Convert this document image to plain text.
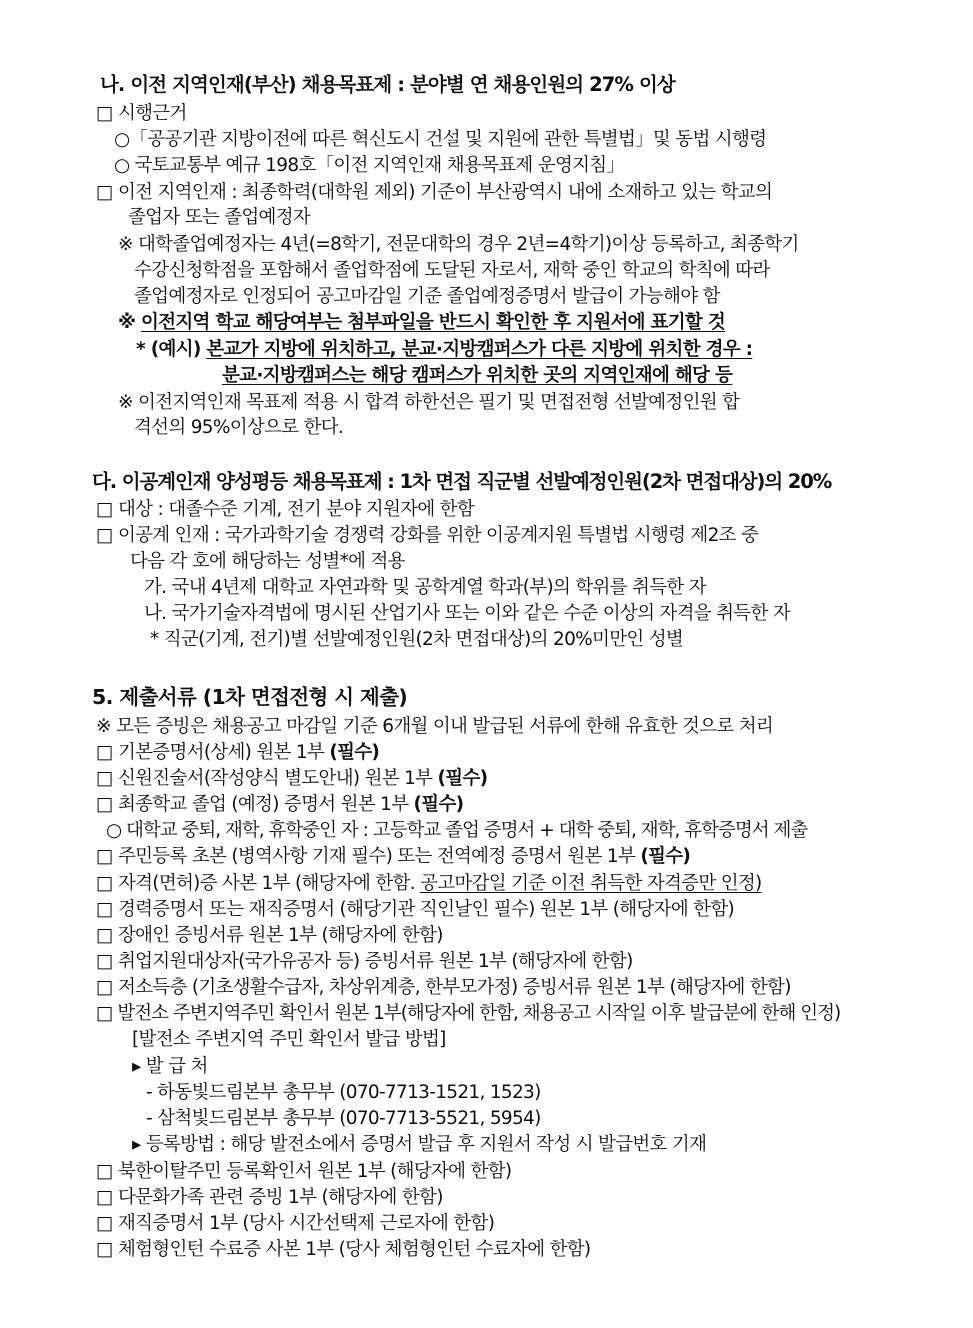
나. 이전 지역인재(부산) 채용목표제 : 분야별 연 채용인원의 27% 이상
□ 시행근거
○「공공기관 지방이전에 따른 혁신도시 건설 및 지원에 관한 특별법」및 동법 시행령
○ 국토교통부 예규 198호「이전 지역인재 채용목표제 운영지침」
□ 이전 지역인재 : 최종학력(대학원 제외) 기준이 부산광역시 내에 소재하고 있는 학교의
졸업자 또는 졸업예정자
※ 대학졸업예정자는 4년(=8학기, 전문대학의 경우 2년=4학기)이상 등록하고, 최종학기
수강신청학점을 포함해서 졸업학점에 도달된 자로서, 재학 중인 학교의 학칙에 따라
졸업예정자로 인정되어 공고마감일 기준 졸업예정증명서 발급이 가능해야 함
※ 이전지역 학교 해당여부는 첨부파일을 반드시 확인한 후 지원서에 표기할 것
* (예시) 본교가 지방에 위치하고, 분교·지방캠퍼스가 다른 지방에 위치한 경우 :
분교·지방캠퍼스는 해당 캠퍼스가 위치한 곳의 지역인재에 해당 등
※ 이전지역인재 목표제 적용 시 합격 하한선은 필기 및 면접전형 선발예정인원 합
격선의 95%이상으로 한다.
다. 이공계인재 양성평등 채용목표제 : 1차 면접 직군별 선발예정인원(2차 면접대상)의 20%
□ 대상 : 대졸수준 기계, 전기 분야 지원자에 한함
□ 이공계 인재 : 국가과학기술 경쟁력 강화를 위한 이공계지원 특별법 시행령 제2조 중
다음 각 호에 해당하는 성별*에 적용
가. 국내 4년제 대학교 자연과학 및 공학계열 학과(부)의 학위를 취득한 자
나. 국가기술자격법에 명시된 산업기사 또는 이와 같은 수준 이상의 자격을 취득한 자
* 직군(기계, 전기)별 선발예정인원(2차 면접대상)의 20%미만인 성별
5. 제출서류 (1차 면접전형 시 제출)
※ 모든 증빙은 채용공고 마감일 기준 6개월 이내 발급된 서류에 한해 유효한 것으로 처리
□ 기본증명서(상세) 원본 1부 (필수)
□ 신원진술서(작성양식 별도안내) 원본 1부 (필수)
□ 최종학교 졸업 (예정) 증명서 원본 1부 (필수)
○ 대학교 중퇴, 재학, 휴학중인 자 : 고등학교 졸업 증명서 + 대학 중퇴, 재학, 휴학증명서 제출
□ 주민등록 초본 (병역사항 기재 필수) 또는 전역예정 증명서 원본 1부 (필수)
□ 자격(면허)증 사본 1부 (해당자에 한함. 공고마감일 기준 이전 취득한 자격증만 인정)
□ 경력증명서 또는 재직증명서 (해당기관 직인날인 필수) 원본 1부 (해당자에 한함)
□ 장애인 증빙서류 원본 1부 (해당자에 한함)
□ 취업지원대상자(국가유공자 등) 증빙서류 원본 1부 (해당자에 한함)
□ 저소득층 (기초생활수급자, 차상위계층, 한부모가정) 증빙서류 원본 1부 (해당자에 한함)
□ 발전소 주변지역주민 확인서 원본 1부(해당자에 한함, 채용공고 시작일 이후 발급분에 한해 인정)
[발전소 주변지역 주민 확인서 발급 방법]
▸ 발 급 처
- 하동빛드림본부 총무부 (070-7713-1521, 1523)
- 삼척빛드림본부 총무부 (070-7713-5521, 5954)
▸ 등록방법 : 해당 발전소에서 증명서 발급 후 지원서 작성 시 발급번호 기재
□ 북한이탈주민 등록확인서 원본 1부 (해당자에 한함)
□ 다문화가족 관련 증빙 1부 (해당자에 한함)
□ 재직증명서 1부 (당사 시간선택제 근로자에 한함)
□ 체험형인턴 수료증 사본 1부 (당사 체험형인턴 수료자에 한함)
